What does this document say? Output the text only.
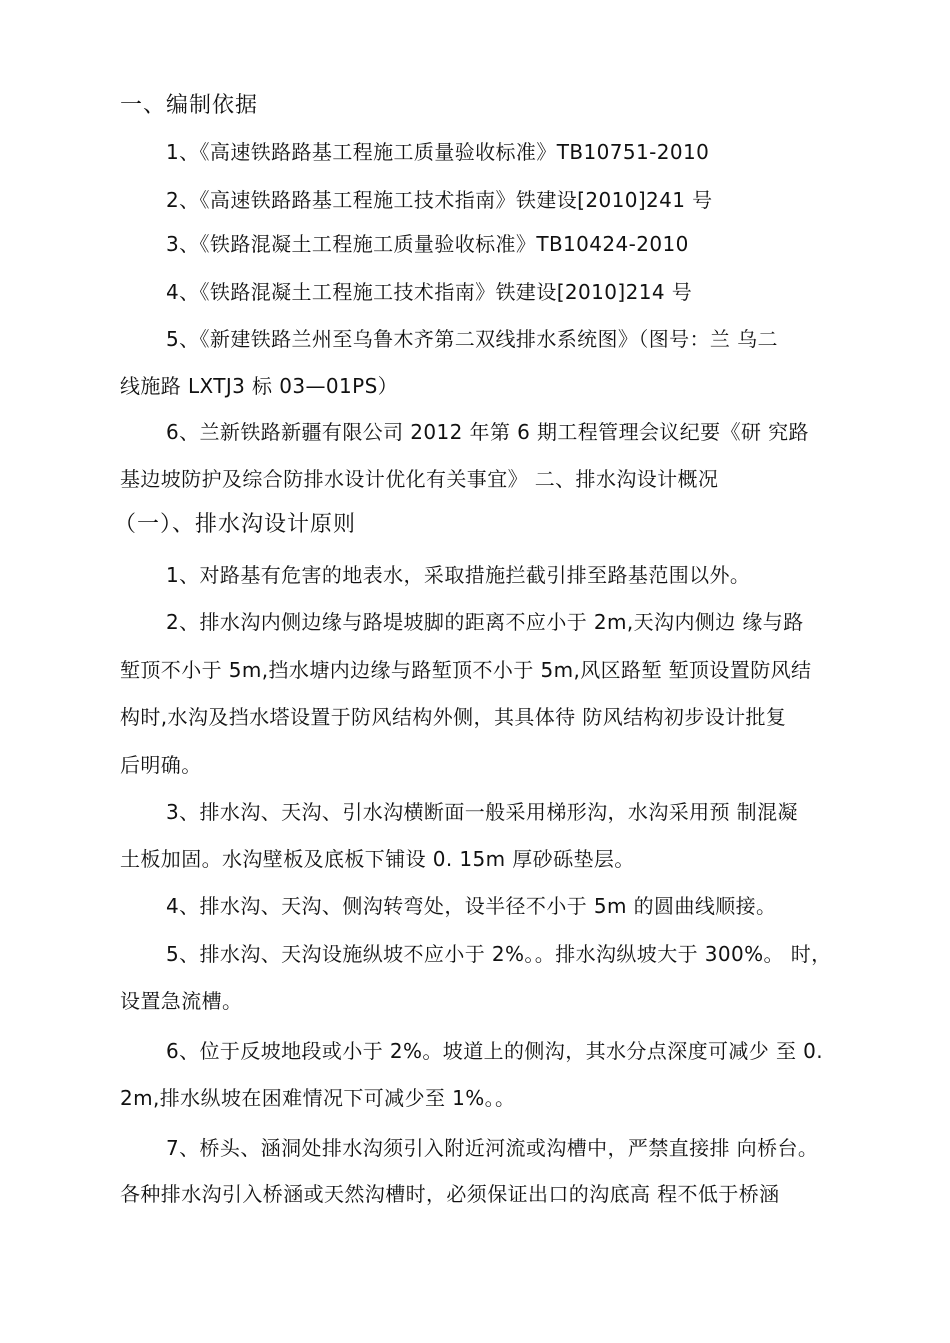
一、编制依据
1、《高速铁路路基工程施工质量验收标准》TB10751-2010
2、《高速铁路路基工程施工技术指南》铁建设[2010]241 号
3、《铁路混凝土工程施工质量验收标准》TB10424-2010
4、《铁路混凝土工程施工技术指南》铁建设[2010]214 号
5、《新建铁路兰州至乌鲁木齐第二双线排水系统图》（图号：兰 乌二
线施路 LXTJ3 标 03—01PS）
6、兰新铁路新疆有限公司 2012 年第 6 期工程管理会议纪要《研 究路
基边坡防护及综合防排水设计优化有关事宜》 二、排水沟设计概况
（一）、排水沟设计原则
1、对路基有危害的地表水，采取措施拦截引排至路基范围以外。
2、排水沟内侧边缘与路堤坡脚的距离不应小于 2m,天沟内侧边 缘与路
堑顶不小于 5m,挡水塘内边缘与路堑顶不小于 5m,风区路堑 堑顶设置防风结
构时,水沟及挡水塔设置于防风结构外侧，其具体待 防风结构初步设计批复
后明确。
3、排水沟、天沟、引水沟横断面一般采用梯形沟，水沟采用预 制混凝
土板加固。水沟壁板及底板下铺设 0. 15m 厚砂砾垫层。
4、排水沟、天沟、侧沟转弯处，设半径不小于 5m 的圆曲线顺接。
5、排水沟、天沟设施纵坡不应小于 2%。。排水沟纵坡大于 300%。 时，
设置急流槽。
6、位于反坡地段或小于 2%。坡道上的侧沟，其水分点深度可减少 至 0.
2m,排水纵坡在困难情况下可减少至 1%。。
7、桥头、涵洞处排水沟须引入附近河流或沟槽中，严禁直接排 向桥台。
各种排水沟引入桥涵或天然沟槽时，必须保证出口的沟底高 程不低于桥涵
